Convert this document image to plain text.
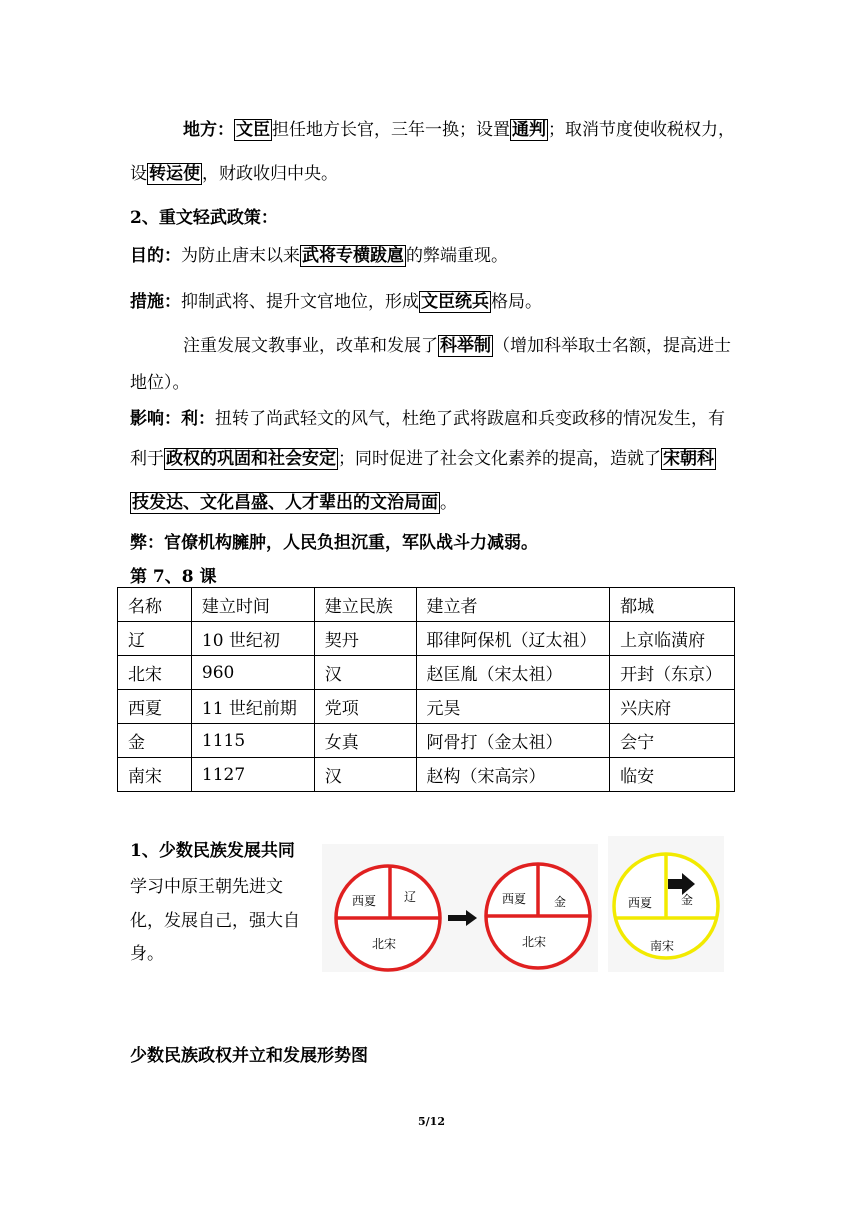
地方： 文臣 担任地方长官，三年一换；设置 通判 ；取消节度使收税权力，
设 转运使 ，财政收归中央。
2、重文轻武政策：
目的：为防止唐末以来 武将专横跋扈 的弊端重现。
措施：抑制武将、提升文官地位，形成 文臣统兵 格局。
注重发展文教事业，改革和发展了 科举制 （增加科举取士名额，提高进士
地位）。
影响：利：扭转了尚武轻文的风气，杜绝了武将跋扈和兵变政移的情况发生，有
利于 政权的巩固和社会安定 ；同时促进了社会文化素养的提高，造就了 宋朝科
技发达、文化昌盛、人才辈出的文治局面 。
弊：官僚机构臃肿，人民负担沉重，军队战斗力减弱。
第 7、8 课
名称	建立时间	建立民族	建立者	都城
辽	10 世纪初	契丹	耶律阿保机（辽太祖）	上京临潢府
北宋	960	汉	赵匡胤（宋太祖）	开封（东京）
西夏	11 世纪前期	党项	元昊	兴庆府
金	1115	女真	阿骨打（金太祖）	会宁
南宋	1127	汉	赵构（宋高宗）	临安
1、少数民族发展共同
学习中原王朝先进文
化，发展自己，强大自
身。
西夏 辽
北宋
西夏 金
北宋
西夏 金
南宋
少数民族政权并立和发展形势图
5/12
